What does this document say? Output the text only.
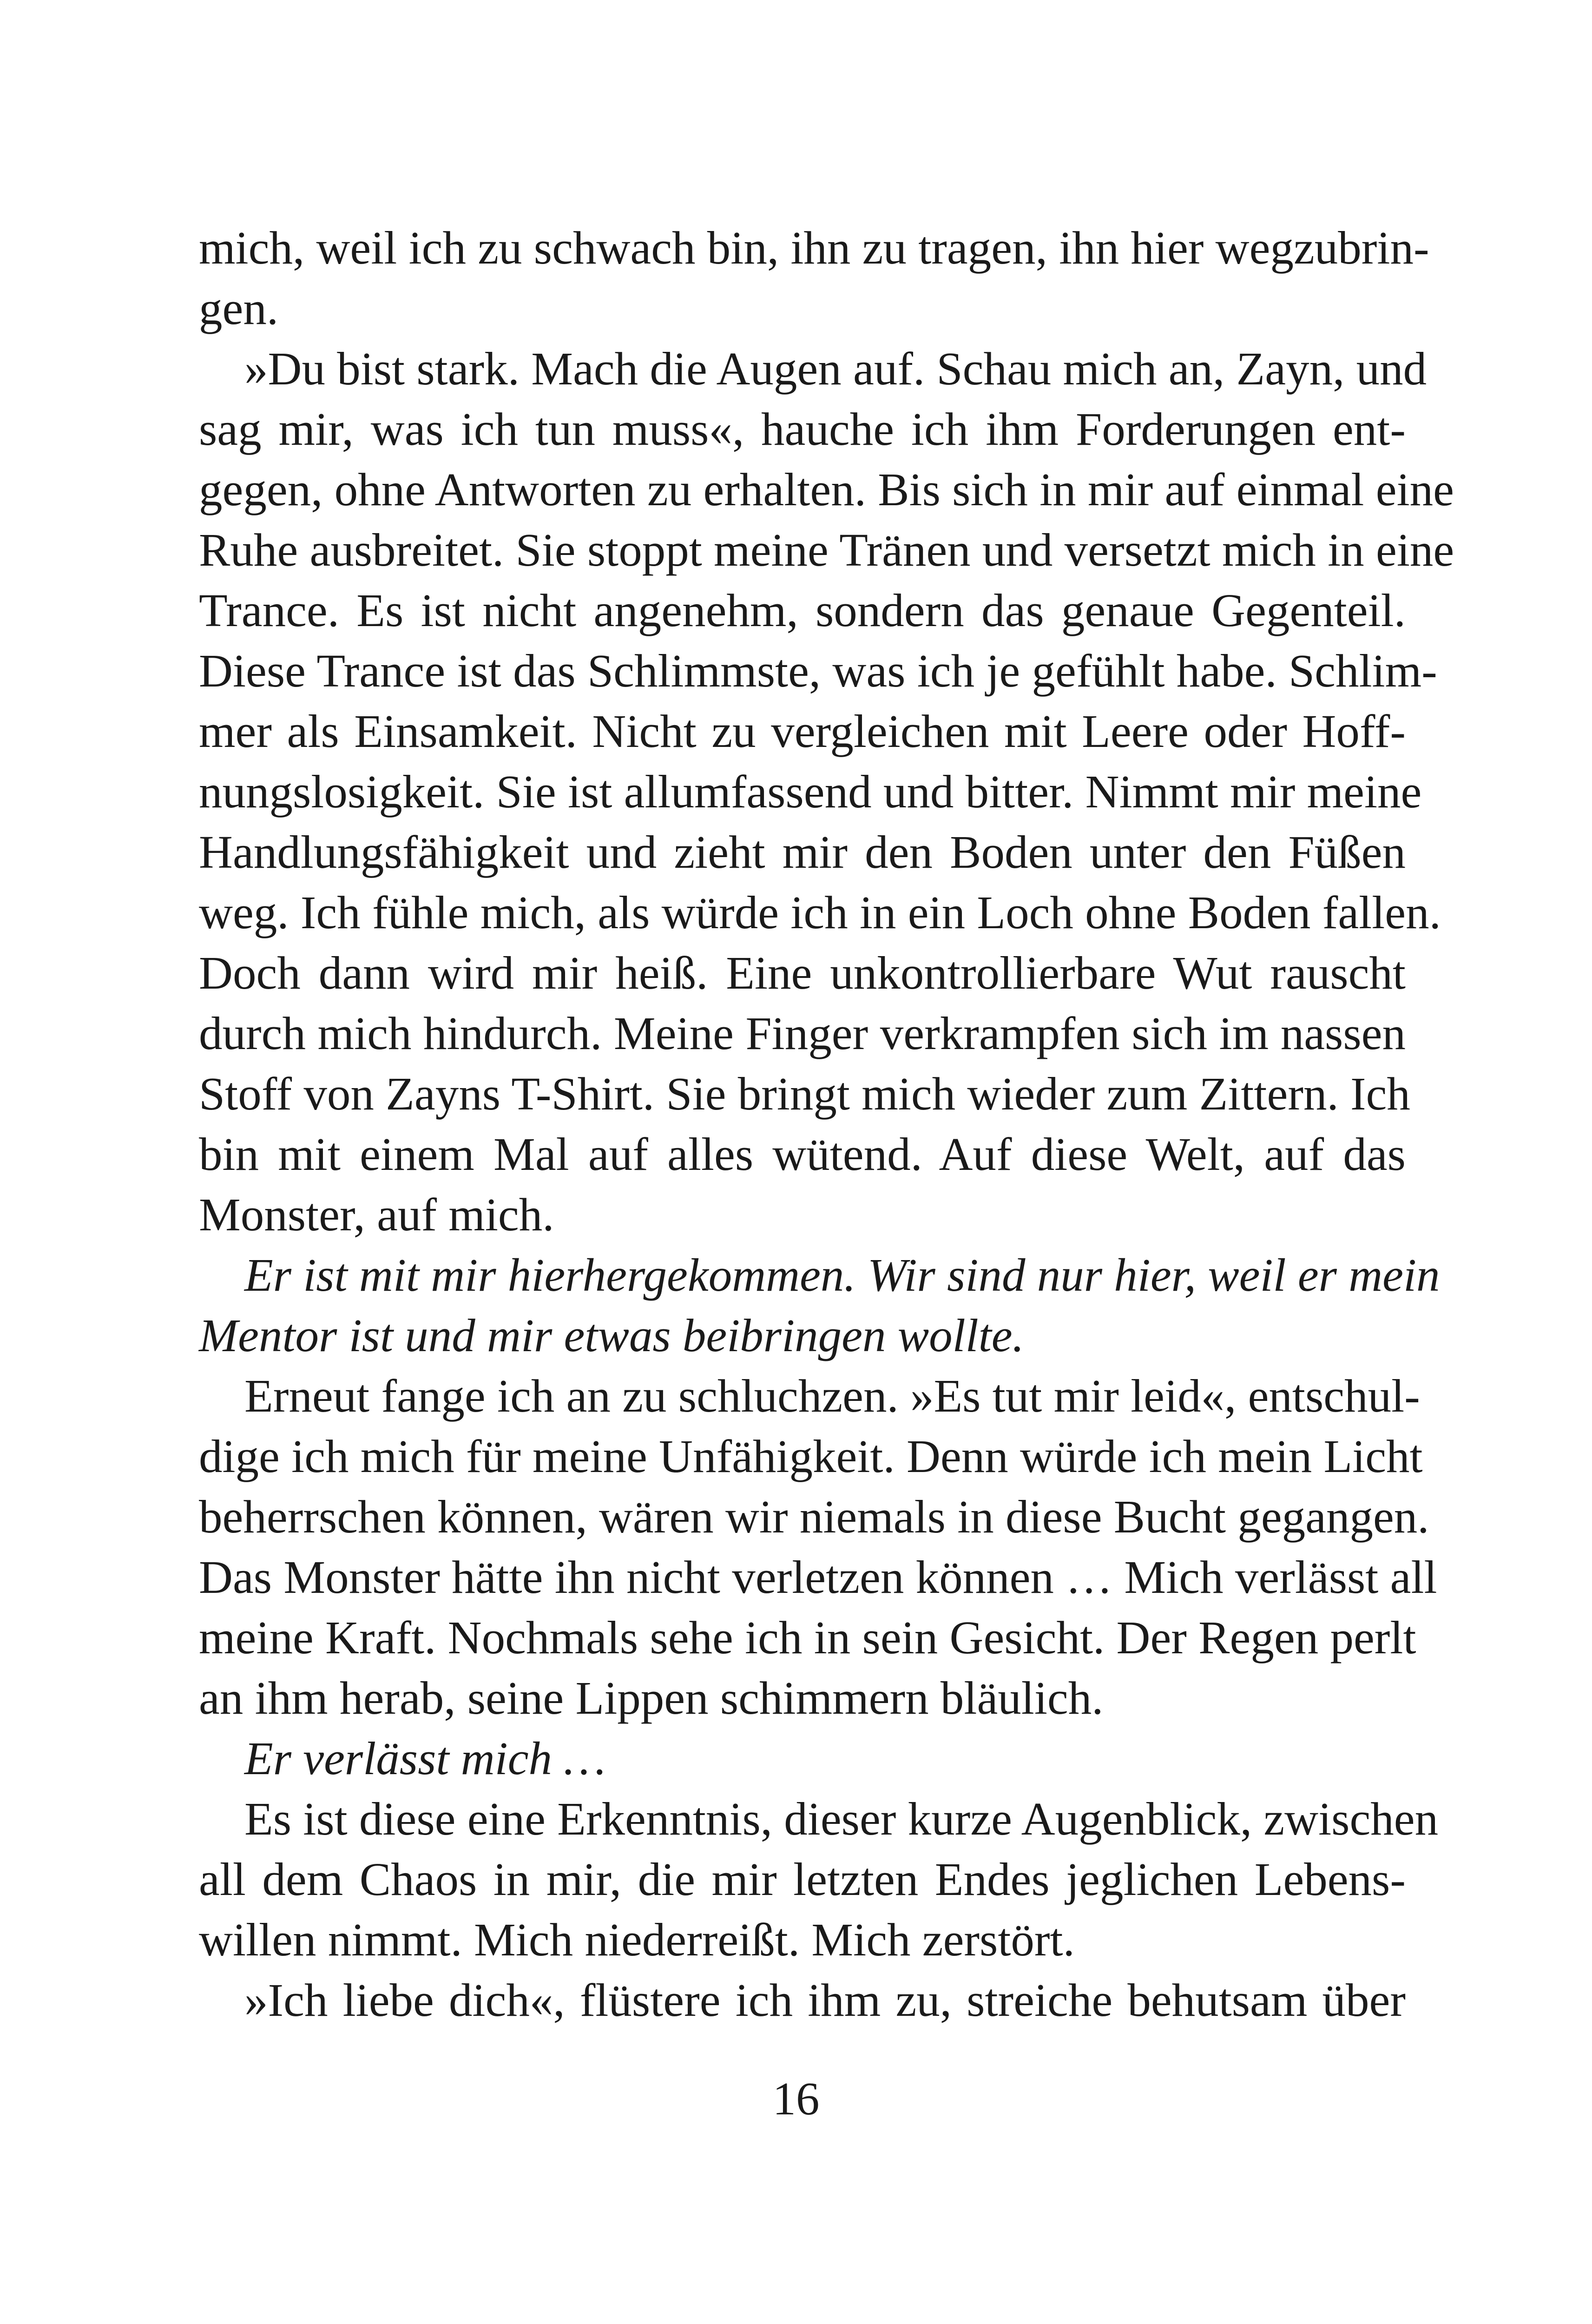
mich, weil ich zu schwach bin, ihn zu tragen, ihn hier wegzubrin-
gen.
»Du bist stark. Mach die Augen auf. Schau mich an, Zayn, und
sag mir, was ich tun muss«, hauche ich ihm Forderungen ent-
gegen, ohne Antworten zu erhalten. Bis sich in mir auf einmal eine
Ruhe ausbreitet. Sie stoppt meine Tränen und versetzt mich in eine
Trance. Es ist nicht angenehm, sondern das genaue Gegenteil.
Diese Trance ist das Schlimmste, was ich je gefühlt habe. Schlim-
mer als Einsamkeit. Nicht zu vergleichen mit Leere oder Hoff-
nungslosigkeit. Sie ist allumfassend und bitter. Nimmt mir meine
Handlungsfähigkeit und zieht mir den Boden unter den Füßen
weg. Ich fühle mich, als würde ich in ein Loch ohne Boden fallen.
Doch dann wird mir heiß. Eine unkontrollierbare Wut rauscht
durch mich hindurch. Meine Finger verkrampfen sich im nassen
Stoff von Zayns T-Shirt. Sie bringt mich wieder zum Zittern. Ich
bin mit einem Mal auf alles wütend. Auf diese Welt, auf das
Monster, auf mich.
Er ist mit mir hierhergekommen. Wir sind nur hier, weil er mein
Mentor ist und mir etwas beibringen wollte.
Erneut fange ich an zu schluchzen. »Es tut mir leid«, entschul-
dige ich mich für meine Unfähigkeit. Denn würde ich mein Licht
beherrschen können, wären wir niemals in diese Bucht gegangen.
Das Monster hätte ihn nicht verletzen können … Mich verlässt all
meine Kraft. Nochmals sehe ich in sein Gesicht. Der Regen perlt
an ihm herab, seine Lippen schimmern bläulich.
Er verlässt mich …
Es ist diese eine Erkenntnis, dieser kurze Augenblick, zwischen
all dem Chaos in mir, die mir letzten Endes jeglichen Lebens-
willen nimmt. Mich niederreißt. Mich zerstört.
»Ich liebe dich«, flüstere ich ihm zu, streiche behutsam über
16
